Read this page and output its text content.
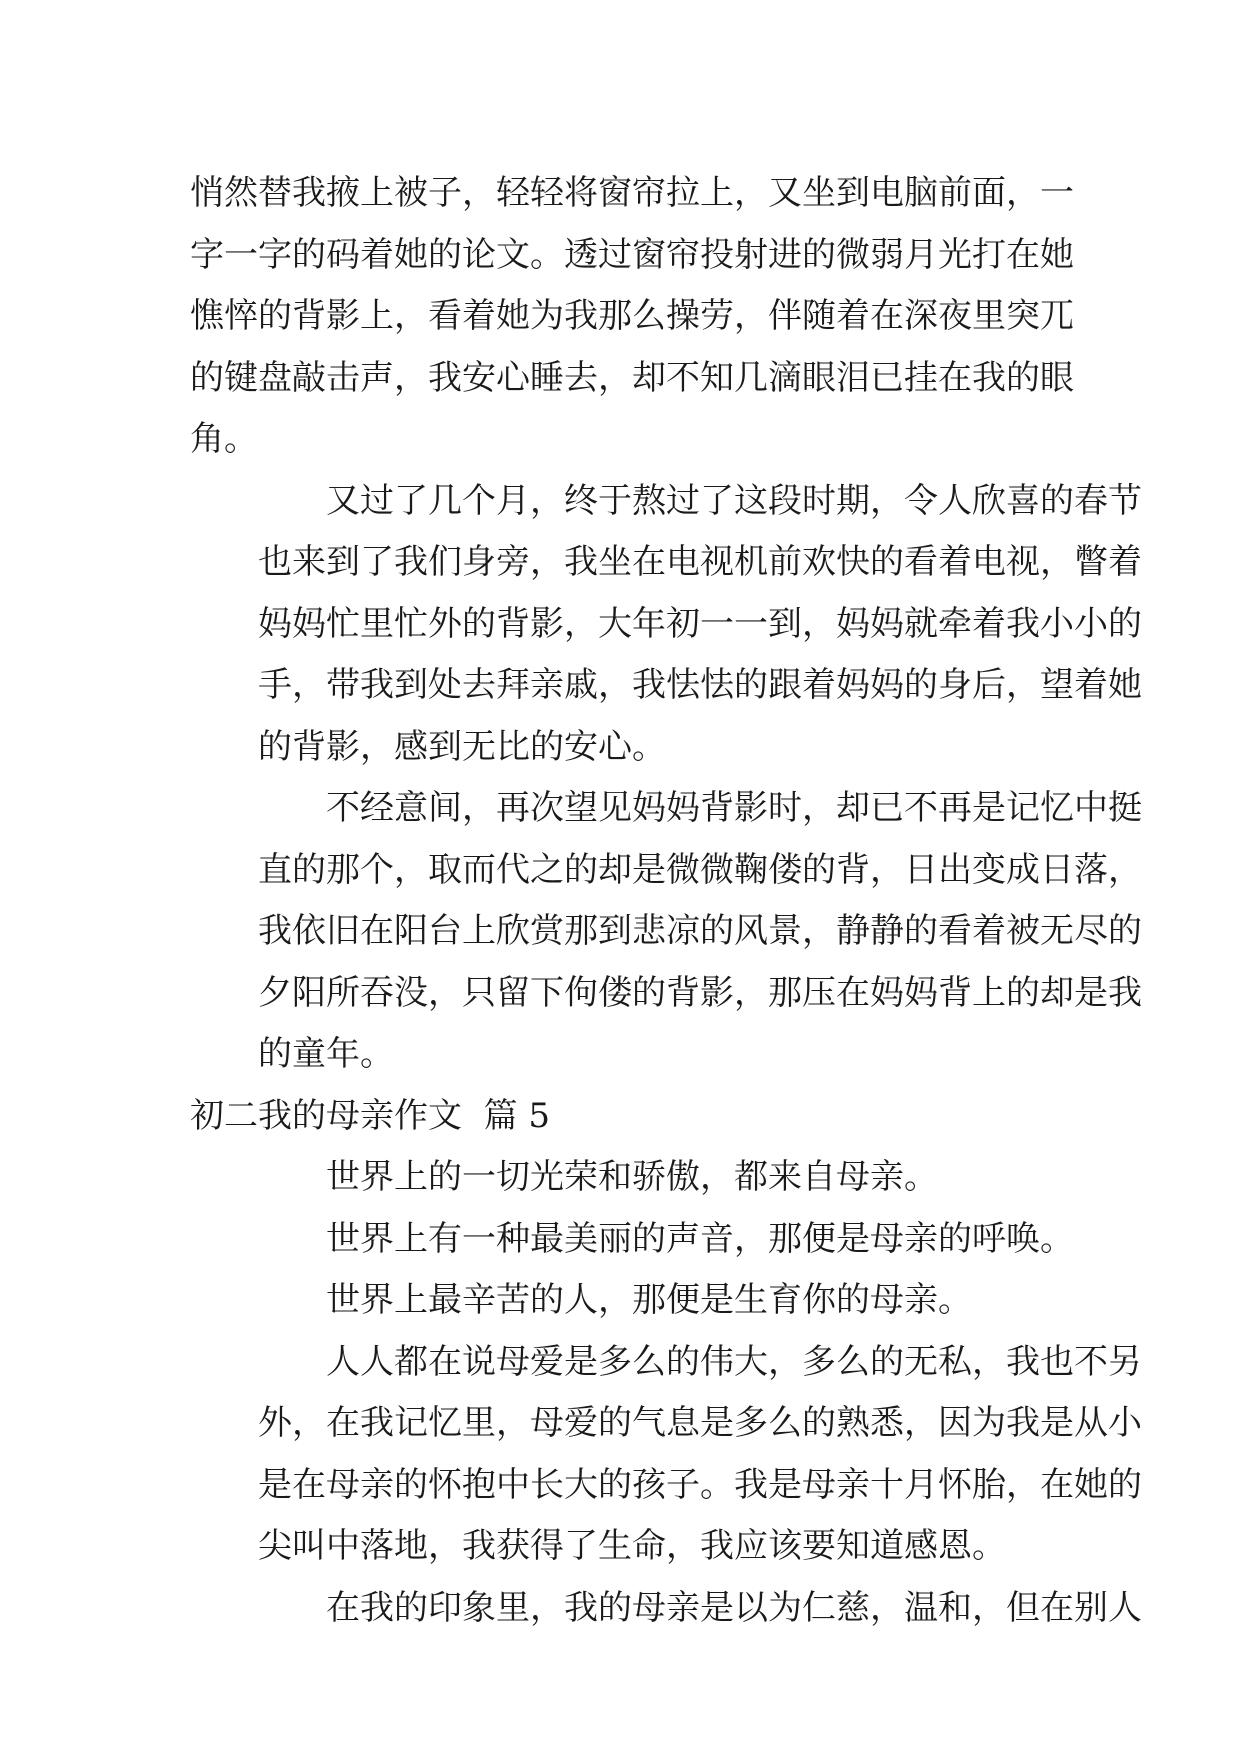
悄然替我掖上被子，轻轻将窗帘拉上，又坐到电脑前面，一
字一字的码着她的论文。透过窗帘投射进的微弱月光打在她
憔悴的背影上，看着她为我那么操劳，伴随着在深夜里突兀
的键盘敲击声，我安心睡去，却不知几滴眼泪已挂在我的眼
角。

又过了几个月，终于熬过了这段时期，令人欣喜的春节
也来到了我们身旁，我坐在电视机前欢快的看着电视，瞥着
妈妈忙里忙外的背影，大年初一一到，妈妈就牵着我小小的
手，带我到处去拜亲戚，我怯怯的跟着妈妈的身后，望着她
的背影，感到无比的安心。

不经意间，再次望见妈妈背影时，却已不再是记忆中挺
直的那个，取而代之的却是微微鞠偻的背，日出变成日落，
我依旧在阳台上欣赏那到悲凉的风景，静静的看着被无尽的
夕阳所吞没，只留下佝偻的背影，那压在妈妈背上的却是我
的童年。

初二我的母亲作文  篇 5

世界上的一切光荣和骄傲，都来自母亲。

世界上有一种最美丽的声音，那便是母亲的呼唤。

世界上最辛苦的人，那便是生育你的母亲。

人人都在说母爱是多么的伟大，多么的无私，我也不另
外，在我记忆里，母爱的气息是多么的熟悉，因为我是从小
是在母亲的怀抱中长大的孩子。我是母亲十月怀胎，在她的
尖叫中落地，我获得了生命，我应该要知道感恩。

在我的印象里，我的母亲是以为仁慈，温和，但在别人
